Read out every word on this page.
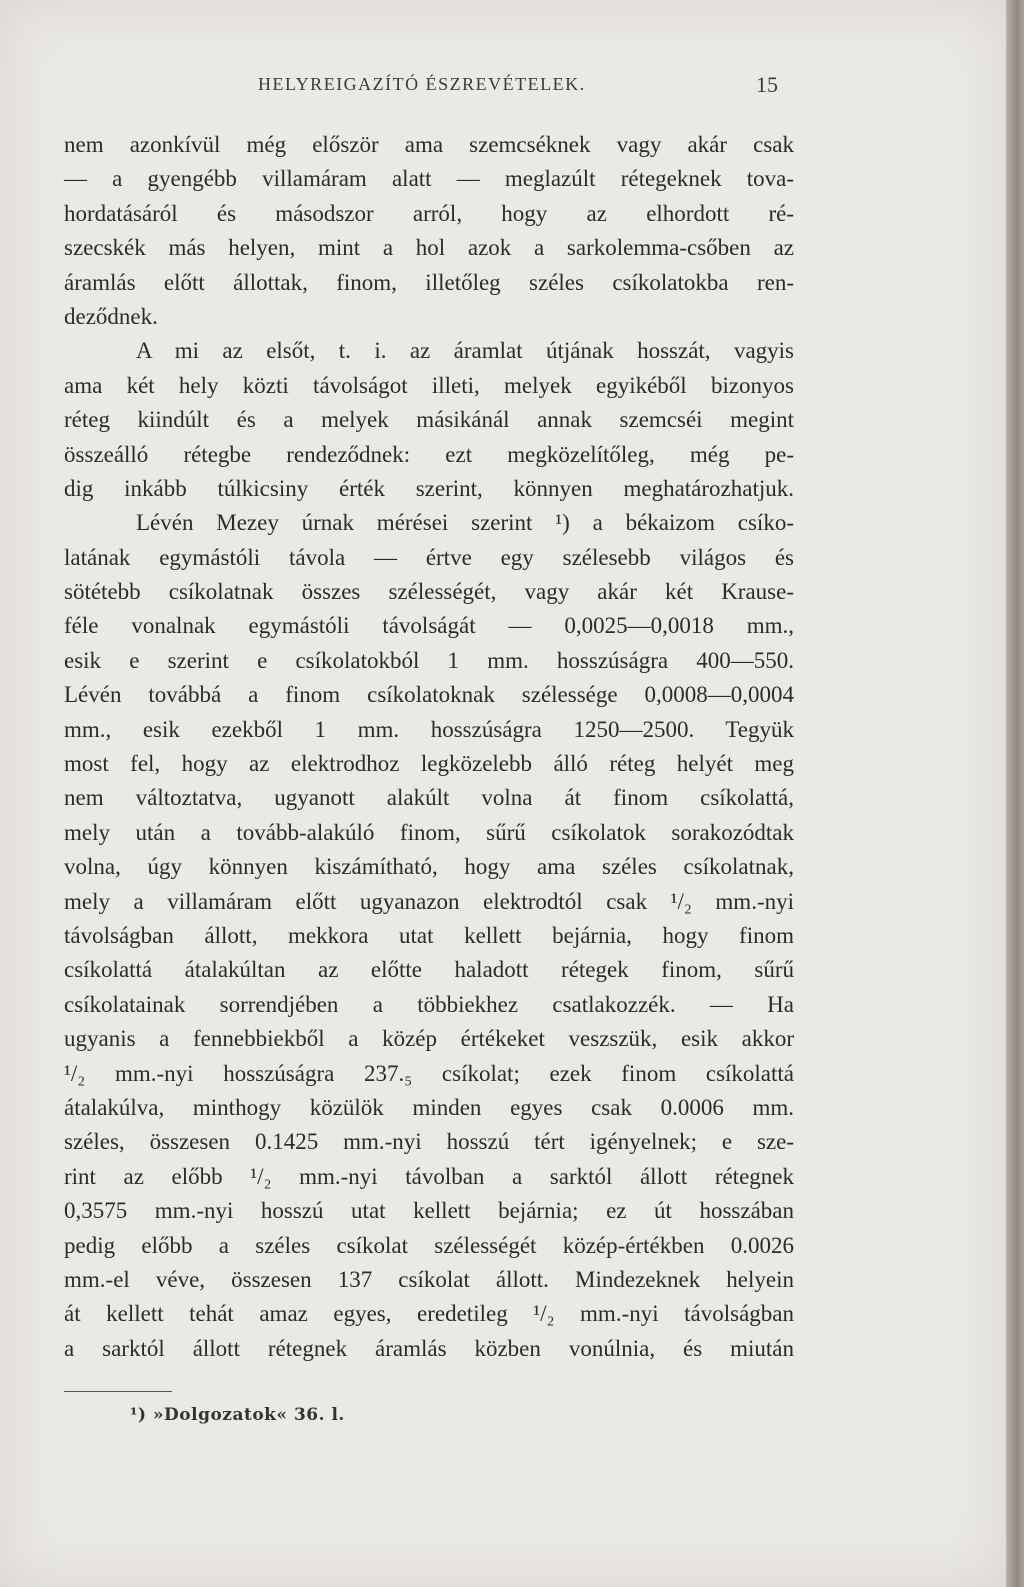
HELYREIGAZÍTÓ ÉSZREVÉTELEK.	15
nem azonkívül még először ama szemcséknek vagy akár csak
— a gyengébb villamáram alatt — meglazúlt rétegeknek tova-
hordatásáról és másodszor arról, hogy az elhordott ré-
szecskék más helyen, mint a hol azok a sarkolemma-csőben az
áramlás előtt állottak, finom, illetőleg széles csíkolatokba ren-
deződnek.
A mi az elsőt, t. i. az áramlat útjának hosszát, vagyis
ama két hely közti távolságot illeti, melyek egyikéből bizonyos
réteg kiindúlt és a melyek másikánál annak szemcséi megint
összeálló rétegbe rendeződnek: ezt megközelítőleg, még pe-
dig inkább túlkicsiny érték szerint, könnyen meghatározhatjuk.
Lévén Mezey úrnak mérései szerint ¹) a békaizom csíko-
latának egymástóli távola — értve egy szélesebb világos és
sötétebb csíkolatnak összes szélességét, vagy akár két Krause-
féle vonalnak egymástóli távolságát — 0,0025—0,0018 mm.,
esik e szerint e csíkolatokból 1 mm. hosszúságra 400—550.
Lévén továbbá a finom csíkolatoknak szélessége 0,0008—0,0004
mm., esik ezekből 1 mm. hosszúságra 1250—2500. Tegyük
most fel, hogy az elektrodhoz legközelebb álló réteg helyét meg
nem változtatva, ugyanott alakúlt volna át finom csíkolattá,
mely után a tovább-alakúló finom, sűrű csíkolatok sorakozódtak
volna, úgy könnyen kiszámítható, hogy ama széles csíkolatnak,
mely a villamáram előtt ugyanazon elektrodtól csak ¹/₂ mm.-nyi
távolságban állott, mekkora utat kellett bejárnia, hogy finom
csíkolattá átalakúltan az előtte haladott rétegek finom, sűrű
csíkolatainak sorrendjében a többiekhez csatlakozzék. — Ha
ugyanis a fennebbiekből a közép értékeket veszszük, esik akkor
¹/₂ mm.-nyi hosszúságra 237.₅ csíkolat; ezek finom csíkolattá
átalakúlva, minthogy közülök minden egyes csak 0.0006 mm.
széles, összesen 0.1425 mm.-nyi hosszú tért igényelnek; e sze-
rint az előbb ¹/₂ mm.-nyi távolban a sarktól állott rétegnek
0,3575 mm.-nyi hosszú utat kellett bejárnia; ez út hosszában
pedig előbb a széles csíkolat szélességét közép-értékben 0.0026
mm.-el véve, összesen 137 csíkolat állott. Mindezeknek helyein
át kellett tehát amaz egyes, eredetileg ¹/₂ mm.-nyi távolságban
a sarktól állott rétegnek áramlás közben vonúlnia, és miután
¹) »Dolgozatok« 36. l.
